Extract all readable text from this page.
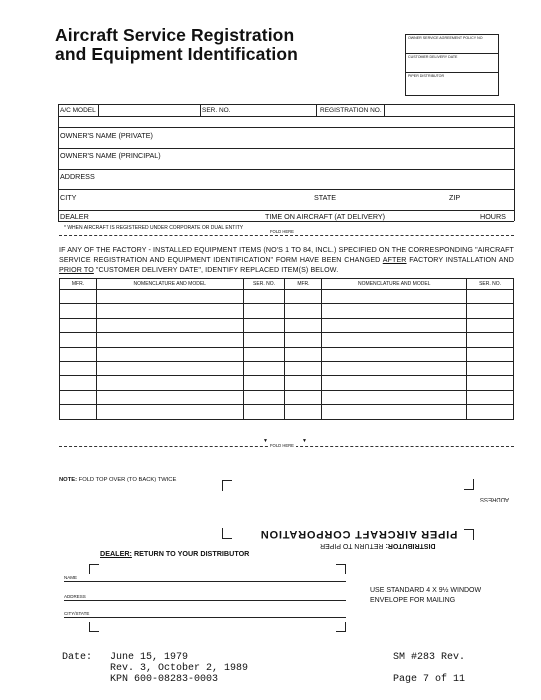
Aircraft Service Registration
and Equipment Identification
OWNER SERVICE AGREEMENT POLICY NO
CUSTOMER DELIVERY DATE
PIPER DISTRIBUTOR
A/C MODEL	SER. NO.	REGISTRATION NO.
OWNER'S NAME (PRIVATE)
OWNER'S NAME (PRINCIPAL)
ADDRESS
CITY	STATE	ZIP
DEALER	TIME ON AIRCRAFT (AT DELIVERY)	HOURS
* WHEN AIRCRAFT IS REGISTERED UNDER CORPORATE OR DUAL ENTITY
FOLD HERE
IF ANY OF THE FACTORY - INSTALLED EQUIPMENT ITEMS (NO'S 1 TO 84, INCL.) SPECIFIED ON THE CORRESPONDING "AIRCRAFT SERVICE REGISTRATION AND EQUIPMENT IDENTIFICATION" FORM HAVE BEEN CHANGED AFTER FACTORY INSTALLATION AND PRIOR TO "CUSTOMER DELIVERY DATE", IDENTIFY REPLACED ITEM(S) BELOW.
MFR.	NOMENCLATURE AND MODEL	SER. NO.	MFR.	NOMENCLATURE AND MODEL	SER. NO.

FOLD HERE
▼	▼
NOTE: FOLD TOP OVER (TO BACK) TWICE
ADDRESS
PIPER AIRCRAFT CORPORATION
DISTRIBUTOR: RETURN TO PIPER
DEALER: RETURN TO YOUR DISTRIBUTOR
NAME
ADDRESS
CITY/STATE
USE STANDARD 4 X 9½ WINDOW
ENVELOPE FOR MAILING
Date: June 15, 1979
Rev. 3, October 2, 1989
KPN 600-08283-0003
SM #283 Rev.
Page 7 of 11
